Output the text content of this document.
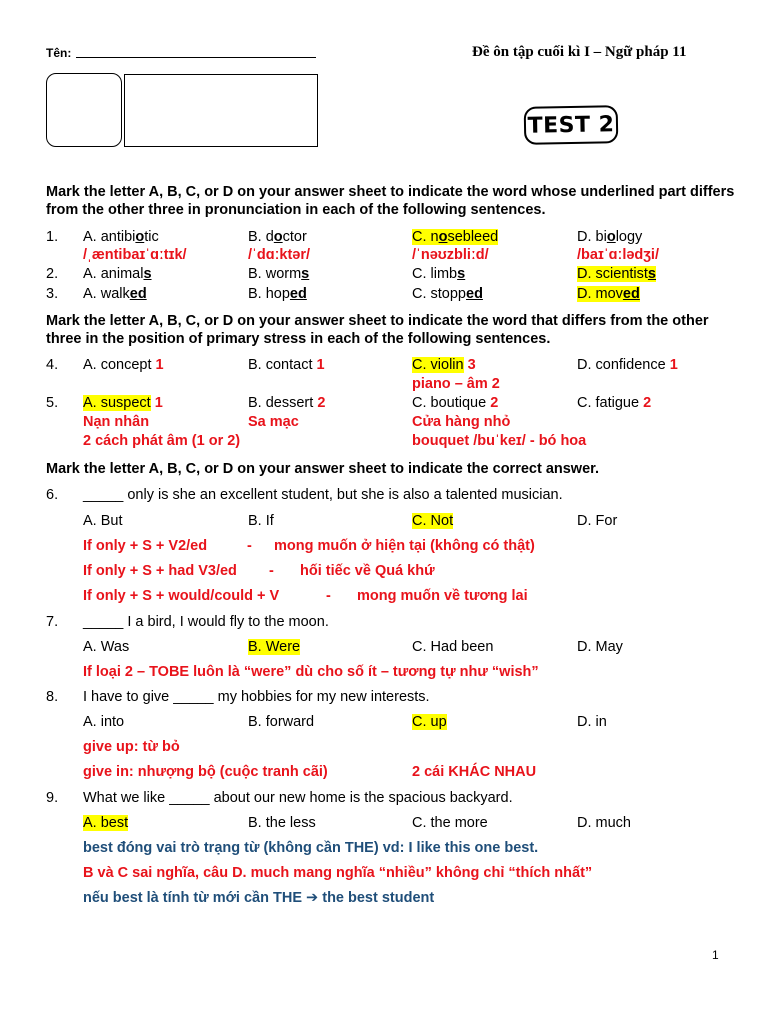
Tên:	Đề ôn tập cuối kì I – Ngữ pháp 11
TEST 2
Mark the letter A, B, C, or D on your answer sheet to indicate the word whose underlined part differs from the other three in pronunciation in each of the following sentences.
1. A. antibiotic	B. doctor	C. nosebleed	D. biology
/ˌæntibaɪˈɑːtɪk/	/ˈdɑːktər/	/ˈnəʊzbliːd/	/baɪˈɑːlədʒi/
2. A. animals	B. worms	C. limbs	D. scientists
3. A. walked	B. hoped	C. stopped	D. moved
Mark the letter A, B, C, or D on your answer sheet to indicate the word that differs from the other three in the position of primary stress in each of the following sentences.
4. A. concept 1	B. contact 1	C. violin 3	D. confidence 1
piano – âm 2
5. A. suspect 1	B. dessert 2	C. boutique 2	C. fatigue 2
Nạn nhân	Sa mạc	Cửa hàng nhỏ
2 cách phát âm (1 or 2)	bouquet /buˈkeɪ/ - bó hoa
Mark the letter A, B, C, or D on your answer sheet to indicate the correct answer.
6. _____ only is she an excellent student, but she is also a talented musician.
A. But	B. If	C. Not	D. For
If only + S + V2/ed	- mong muốn ở hiện tại (không có thật)
If only + S + had V3/ed - hối tiếc về Quá khứ
If only + S + would/could + V	- mong muốn về tương lai
7. _____ I a bird, I would fly to the moon.
A. Was	B. Were	C. Had been	D. May
If loại 2 – TOBE luôn là “were” dù cho số ít – tương tự như “wish”
8. I have to give _____ my hobbies for my new interests.
A. into	B. forward	C. up	D. in
give up: từ bỏ
give in: nhượng bộ (cuộc tranh cãi)	2 cái KHÁC NHAU
9. What we like _____ about our new home is the spacious backyard.
A. best	B. the less	C. the more	D. much
best đóng vai trò trạng từ (không cần THE) vd: I like this one best.
B và C sai nghĩa, câu D. much mang nghĩa “nhiều” không chỉ “thích nhất”
nếu best là tính từ mới cần THE ➔ the best student
1
